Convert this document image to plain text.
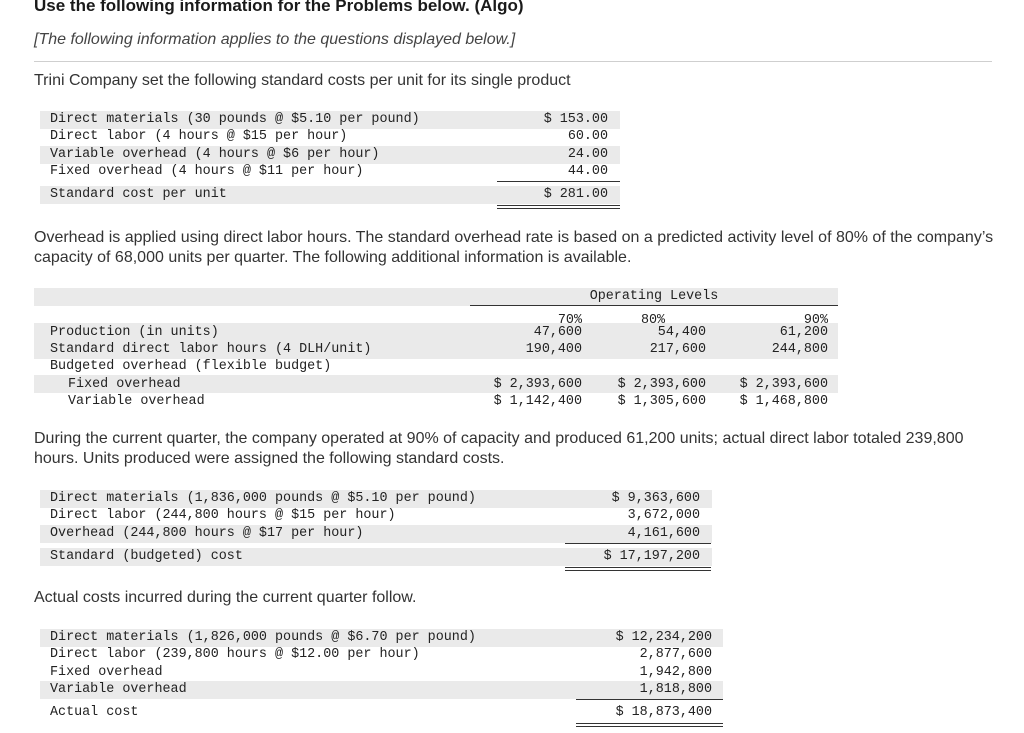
Use the following information for the Problems below. (Algo)
[The following information applies to the questions displayed below.]
Trini Company set the following standard costs per unit for its single product
Direct materials (30 pounds @ $5.10 per pound)	$ 153.00
Direct labor (4 hours @ $15 per hour)	60.00
Variable overhead (4 hours @ $6 per hour)	24.00
Fixed overhead (4 hours @ $11 per hour)	44.00
Standard cost per unit	$ 281.00
Overhead is applied using direct labor hours. The standard overhead rate is based on a predicted activity level of 80% of the company’s capacity of 68,000 units per quarter. The following additional information is available.
Operating Levels
70%	80%	90%
Production (in units)	47,600	54,400	61,200
Standard direct labor hours (4 DLH/unit)	190,400	217,600	244,800
Budgeted overhead (flexible budget)
Fixed overhead	$ 2,393,600	$ 2,393,600	$ 2,393,600
Variable overhead	$ 1,142,400	$ 1,305,600	$ 1,468,800
During the current quarter, the company operated at 90% of capacity and produced 61,200 units; actual direct labor totaled 239,800 hours. Units produced were assigned the following standard costs.
Direct materials (1,836,000 pounds @ $5.10 per pound)	$ 9,363,600
Direct labor (244,800 hours @ $15 per hour)	3,672,000
Overhead (244,800 hours @ $17 per hour)	4,161,600
Standard (budgeted) cost	$ 17,197,200
Actual costs incurred during the current quarter follow.
Direct materials (1,826,000 pounds @ $6.70 per pound)	$ 12,234,200
Direct labor (239,800 hours @ $12.00 per hour)	2,877,600
Fixed overhead	1,942,800
Variable overhead	1,818,800
Actual cost	$ 18,873,400
